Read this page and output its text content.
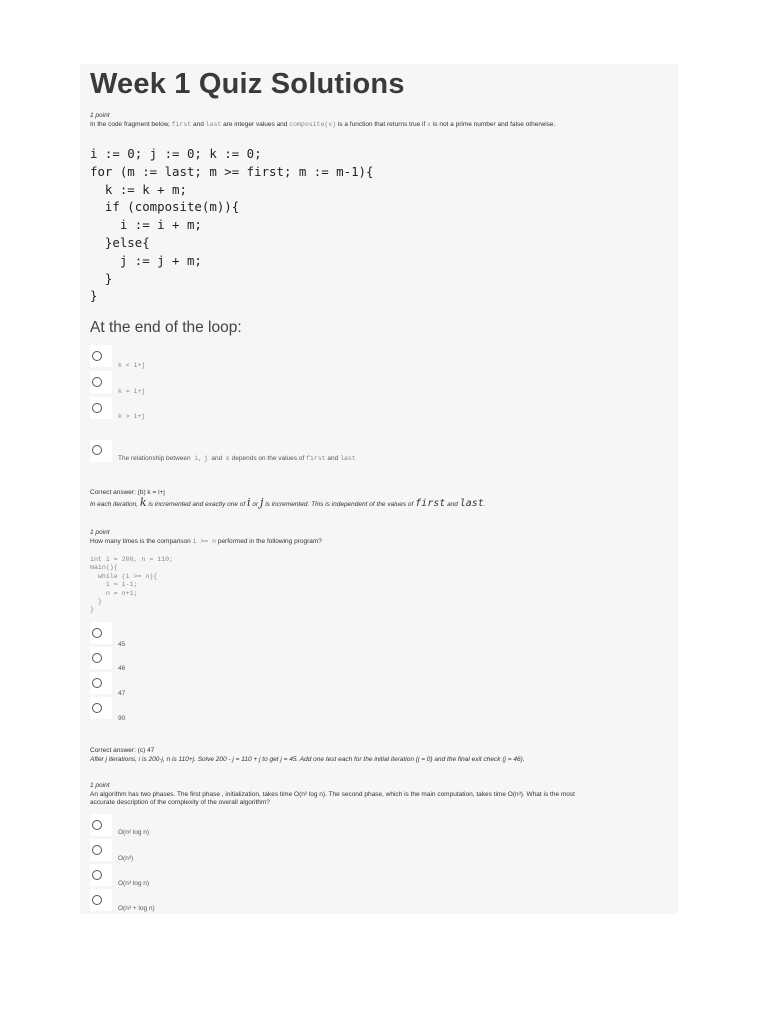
Week 1 Quiz Solutions
1 point
In the code fragment below, first and last are integer values and composite(x) is a function that returns true if x is not a prime number and false otherwise.
i := 0; j := 0; k := 0;
for (m := last; m >= first; m := m-1){
k := k + m;
if (composite(m)){
i := i + m;
}else{
j := j + m;
}
}
At the end of the loop:
k < i+j
k = i+j
k > i+j
The relationship between i, j and k depends on the values of first and last
Correct answer: (b) k = i+j
In each iteration, k is incremented and exactly one of i or j is incremented. This is independent of the values of first and last.
1 point
How many times is the comparison i >= n performed in the following program?
int i = 200, n = 110;
main(){
while (i >= n){
i = i-1;
n = n+1;
}
}
45
46
47
90
Correct answer: (c) 47
After j iterations, i is 200-j, n is 110+j. Solve 200 - j = 110 + j to get j = 45. Add one test each for the initial iteration (j = 0) and the final exit check (j = 46).
1 point
An algorithm has two phases. The first phase , initialization, takes time O(n² log n). The second phase, which is the main computation, takes time O(n³). What is the most
accurate description of the complexity of the overall algorithm?
O(n² log n)
O(n³)
O(n³ log n)
O(n³ + log n)
